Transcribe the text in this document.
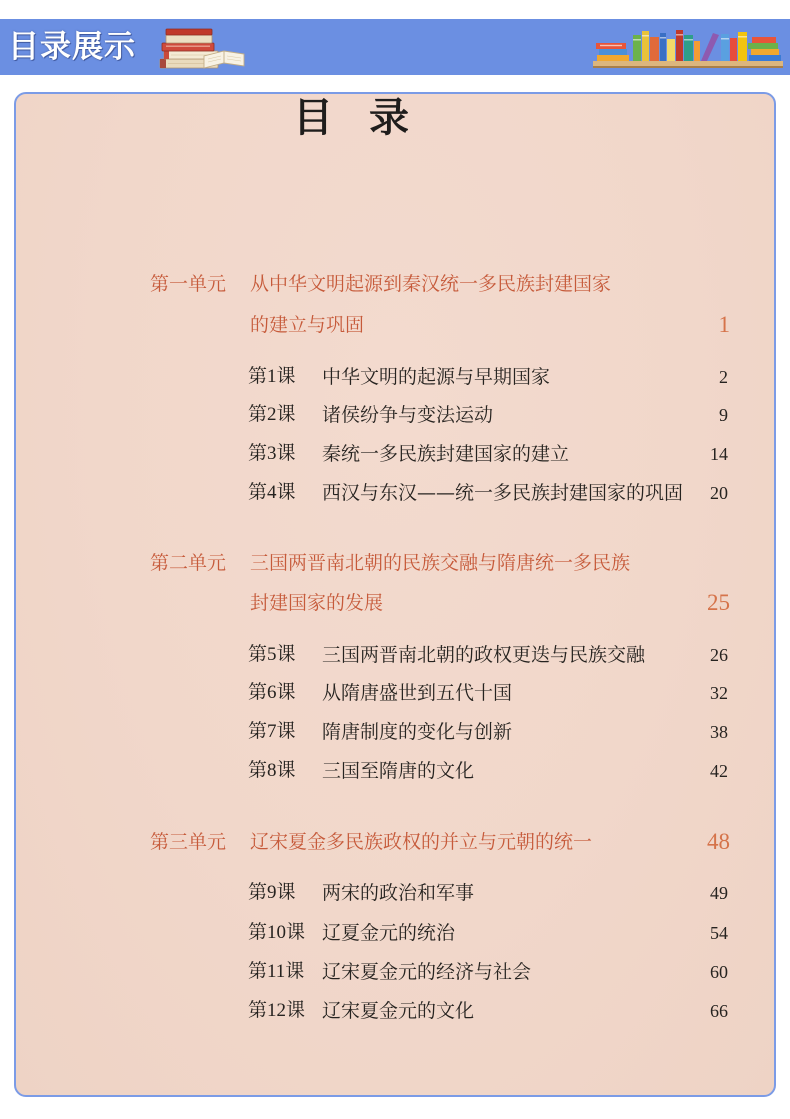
目录展示
目录
第一单元 从中华文明起源到秦汉统一多民族封建国家
的建立与巩固	1
第1课 中华文明的起源与早期国家	2
第2课 诸侯纷争与变法运动	9
第3课 秦统一多民族封建国家的建立	14
第4课 西汉与东汉——统一多民族封建国家的巩固 20
第二单元 三国两晋南北朝的民族交融与隋唐统一多民族
封建国家的发展	25
第5课 三国两晋南北朝的政权更迭与民族交融	26
第6课 从隋唐盛世到五代十国	32
第7课 隋唐制度的变化与创新	38
第8课 三国至隋唐的文化	42
第三单元 辽宋夏金多民族政权的并立与元朝的统一	48
第9课 两宋的政治和军事	49
第10课 辽夏金元的统治	54
第11课 辽宋夏金元的经济与社会	60
第12课 辽宋夏金元的文化	66
